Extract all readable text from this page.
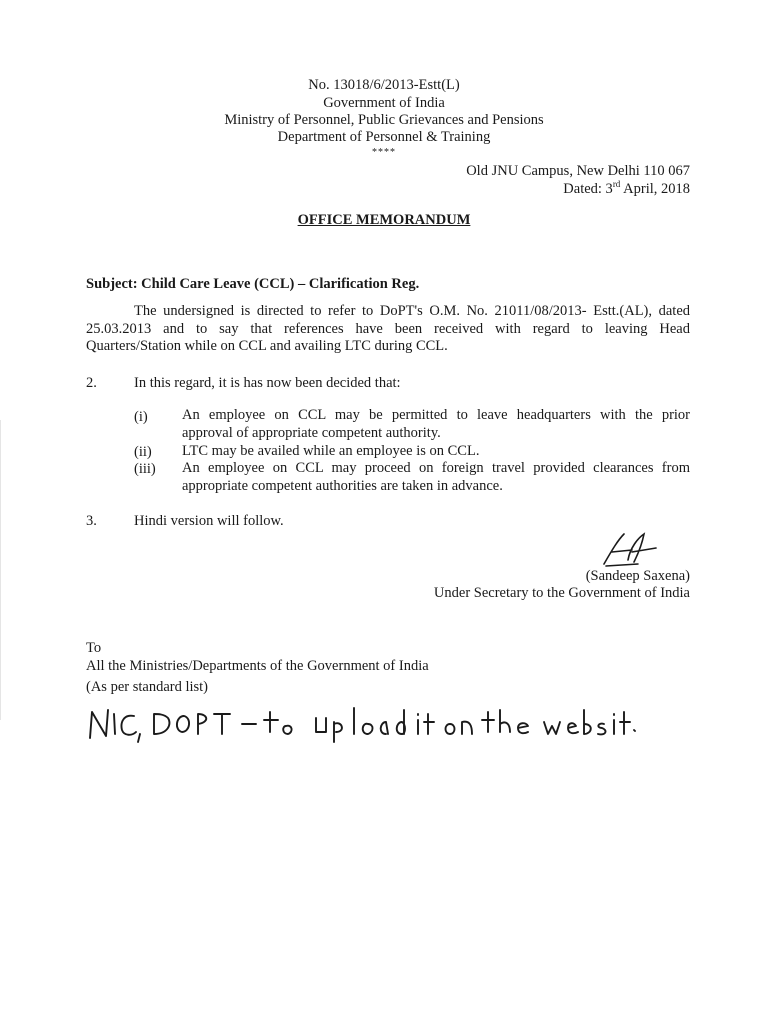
No. 13018/6/2013-Estt(L)
Government of India
Ministry of Personnel, Public Grievances and Pensions
Department of Personnel & Training
****
Old JNU Campus, New Delhi 110 067
Dated: 3rd April, 2018
OFFICE MEMORANDUM
Subject: Child Care Leave (CCL) – Clarification Reg.
The undersigned is directed to refer to DoPT's O.M. No. 21011/08/2013- Estt.(AL), dated
25.03.2013 and to say that references have been received with regard to leaving Head
Quarters/Station while on CCL and availing LTC during CCL.
2.	In this regard, it is has now been decided that:
(i) An employee on CCL may be permitted to leave headquarters with the prior
approval of appropriate competent authority.
(ii) LTC may be availed while an employee is on CCL.
(iii) An employee on CCL may proceed on foreign travel provided clearances from
appropriate competent authorities are taken in advance.
3.	Hindi version will follow.
(Sandeep Saxena)
Under Secretary to the Government of India
To
All the Ministries/Departments of the Government of India
(As per standard list)
